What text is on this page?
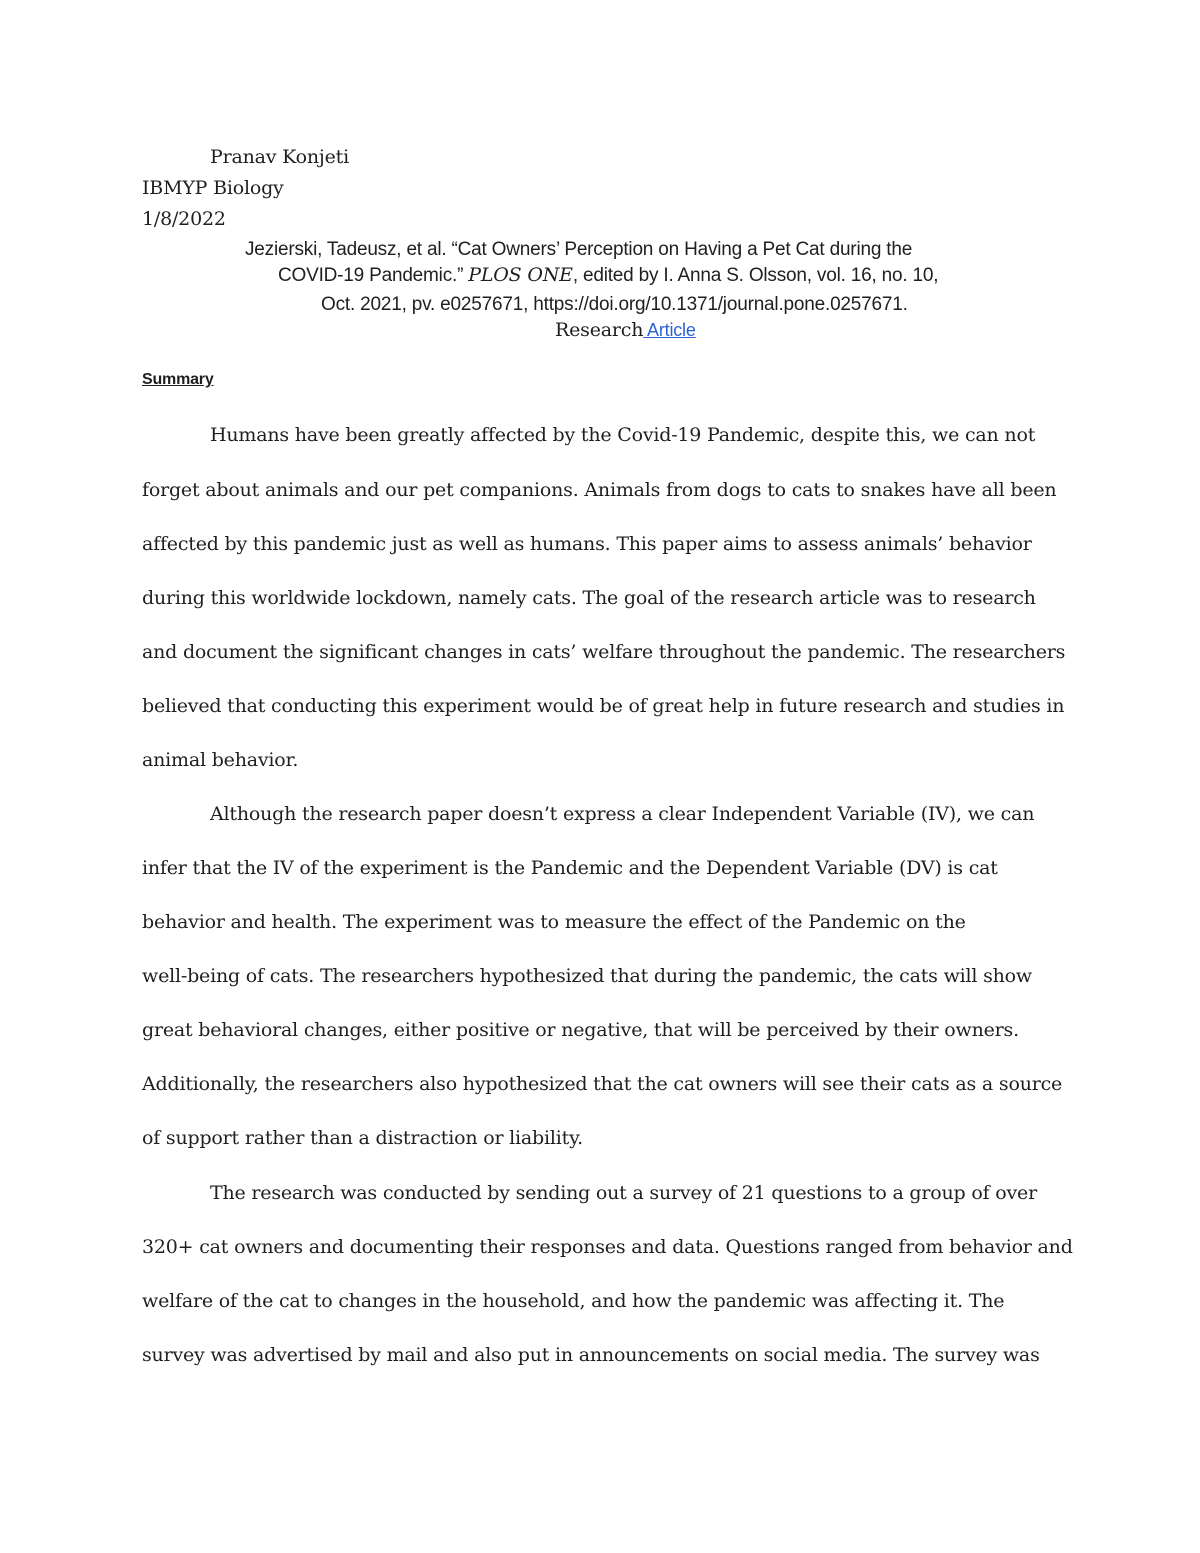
Pranav Konjeti
IBMYP Biology
1/8/2022
Jezierski, Tadeusz, et al. “Cat Owners’ Perception on Having a Pet Cat during the
COVID-19 Pandemic.” PLOS ONE, edited by I. Anna S. Olsson, vol. 16, no. 10,
Oct. 2021, pv. e0257671, https://doi.org/10.1371/journal.pone.0257671.
Research Article
Summary
Humans have been greatly affected by the Covid-19 Pandemic, despite this, we can not
forget about animals and our pet companions. Animals from dogs to cats to snakes have all been
affected by this pandemic just as well as humans. This paper aims to assess animals’ behavior
during this worldwide lockdown, namely cats. The goal of the research article was to research
and document the significant changes in cats’ welfare throughout the pandemic. The researchers
believed that conducting this experiment would be of great help in future research and studies in
animal behavior.
Although the research paper doesn’t express a clear Independent Variable (IV), we can
infer that the IV of the experiment is the Pandemic and the Dependent Variable (DV) is cat
behavior and health. The experiment was to measure the effect of the Pandemic on the
well-being of cats. The researchers hypothesized that during the pandemic, the cats will show
great behavioral changes, either positive or negative, that will be perceived by their owners.
Additionally, the researchers also hypothesized that the cat owners will see their cats as a source
of support rather than a distraction or liability.
The research was conducted by sending out a survey of 21 questions to a group of over
320+ cat owners and documenting their responses and data. Questions ranged from behavior and
welfare of the cat to changes in the household, and how the pandemic was affecting it. The
survey was advertised by mail and also put in announcements on social media. The survey was
